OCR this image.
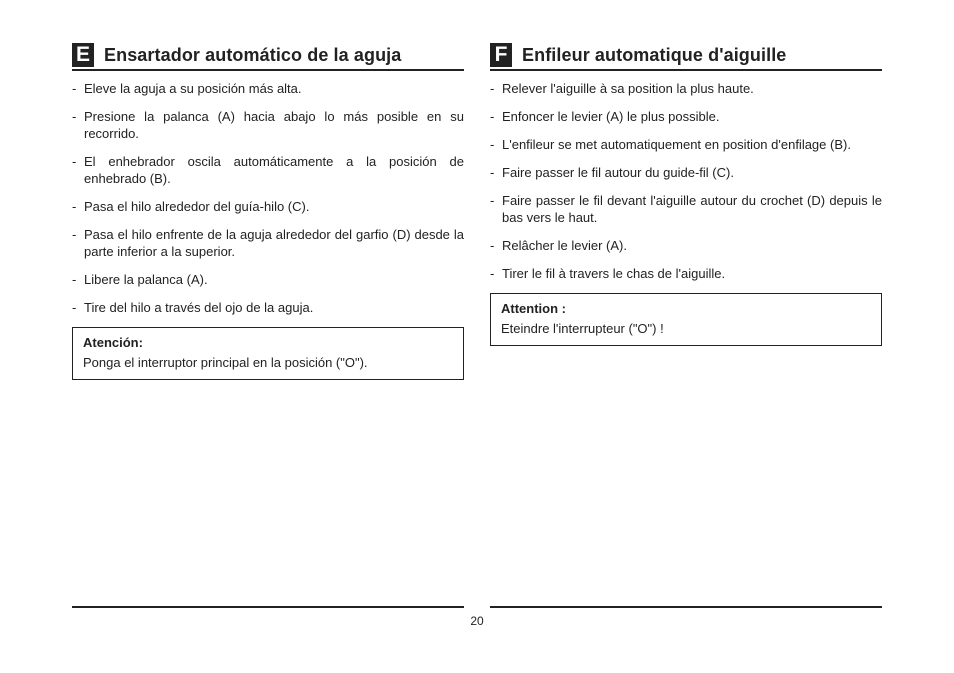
E Ensartador automático de la aguja
- Eleve la aguja a su posición más alta.
- Presione la palanca (A) hacia abajo lo más posible en su recorrido.
- El enhebrador oscila automáticamente a la posición de enhebrado (B).
- Pasa el hilo alrededor del guía-hilo (C).
- Pasa el hilo enfrente de la aguja alrededor del garfio (D) desde la parte inferior a la superior.
- Libere la palanca (A).
- Tire del hilo a través del ojo de la aguja.
Atención:
Ponga el interruptor principal en la posición ("O").
F Enfileur automatique d'aiguille
- Relever l'aiguille à sa position la plus haute.
- Enfoncer le levier (A) le plus possible.
- L'enfileur se met automatiquement en position d'enfilage (B).
- Faire passer le fil autour du guide-fil (C).
- Faire passer le fil devant l'aiguille autour du crochet (D) depuis le bas vers le haut.
- Relâcher le levier (A).
- Tirer le fil à travers le chas de l'aiguille.
Attention :
Eteindre l'interrupteur ("O") !
20
